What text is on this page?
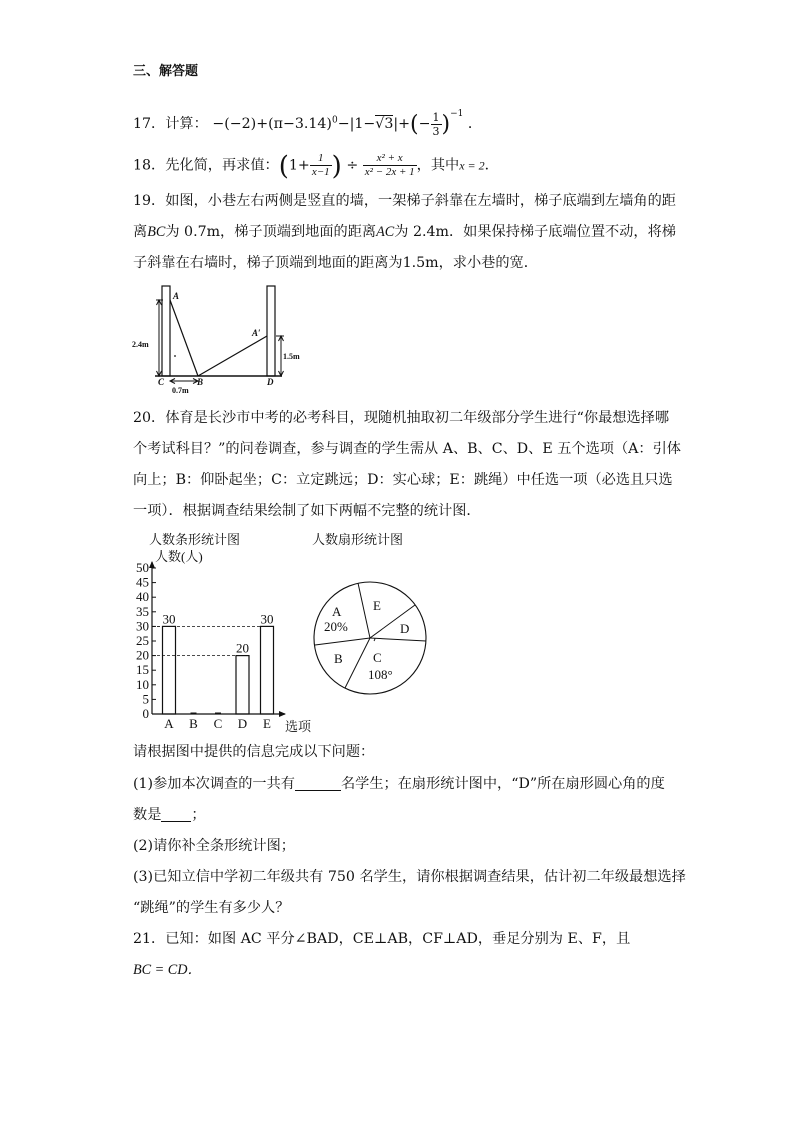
三、解答题
17．计算： $-(-2)+(\pi-3.14)^0-|1-√3|+(- \frac{1}{3} )^{-1}$ ．
18．先化简，再求值：($1+ \frac{1}{x-1}$ ) ÷ $\frac{\text{x² + x}}{\text{x² − 2x + 1}}$ ，其中x = 2．
19．如图，小巷左右两侧是竖直的墙，一架梯子斜靠在左墙时，梯子底端到左墙角的距
离BC为 0.7m，梯子顶端到地面的距离AC为 2.4m．如果保持梯子底端位置不动，将梯
子斜靠在右墙时，梯子顶端到地面的距离为1.5m，求小巷的宽．
A
A′
C	B	D
2.4m
1.5m
0.7m
20．体育是长沙市中考的必考科目，现随机抽取初二年级部分学生进行“你最想选择哪
个考试科目？”的问卷调查，参与调查的学生需从 A、B、C、D、E 五个选项（A：引体
向上；B：仰卧起坐；C：立定跳远；D：实心球；E：跳绳）中任选一项（必选且只选
一项）．根据调查结果绘制了如下两幅不完整的统计图．
人数条形统计图
人数(人)
选项
0
5
10
15
20
25
30
35
40
45
50
A
30
B C D
20
E
30
人数扇形统计图
A
20%
E
D
B C
108°
请根据图中提供的信息完成以下问题：
(1)参加本次调查的一共有	名学生；在扇形统计图中，“D”所在扇形圆心角的度
数是 ；
(2)请你补全条形统计图；
(3)已知立信中学初二年级共有 750 名学生，请你根据调查结果，估计初二年级最想选择
“跳绳”的学生有多少人？
21．已知：如图 AC 平分∠BAD，CE⊥AB，CF⊥AD，垂足分别为 E、F，且
BC = CD．
